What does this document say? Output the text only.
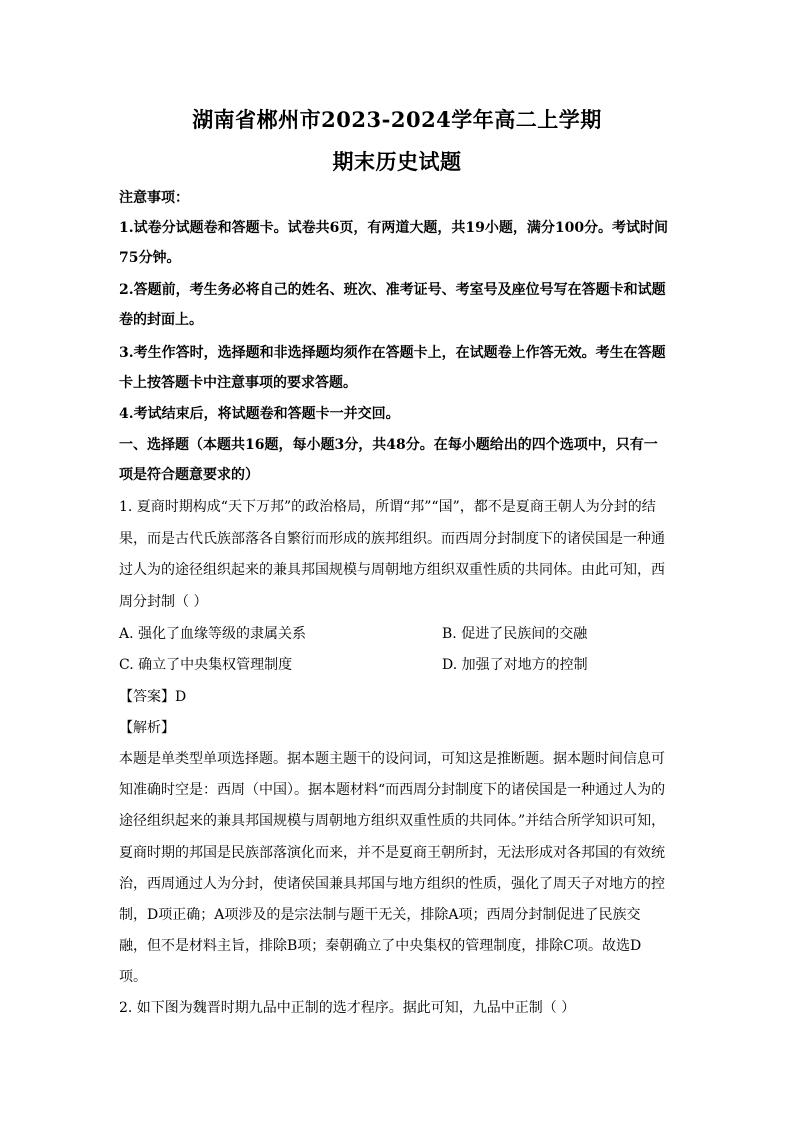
湖南省郴州市2023-2024学年高二上学期
期末历史试题
注意事项：
1.试卷分试题卷和答题卡。试卷共6页，有两道大题，共19小题，满分100分。考试时间
75分钟。
2.答题前，考生务必将自己的姓名、班次、准考证号、考室号及座位号写在答题卡和试题
卷的封面上。
3.考生作答时，选择题和非选择题均须作在答题卡上，在试题卷上作答无效。考生在答题
卡上按答题卡中注意事项的要求答题。
4.考试结束后，将试题卷和答题卡一并交回。
一、选择题（本题共16题，每小题3分，共48分。在每小题给出的四个选项中，只有一
项是符合题意要求的）
1. 夏商时期构成“天下万邦”的政治格局，所谓“邦”“国”，都不是夏商王朝人为分封的结
果，而是古代氏族部落各自繁衍而形成的族邦组织。而西周分封制度下的诸侯国是一种通
过人为的途径组织起来的兼具邦国规模与周朝地方组织双重性质的共同体。由此可知，西
周分封制（ ）
A. 强化了血缘等级的隶属关系	B. 促进了民族间的交融
C. 确立了中央集权管理制度	D. 加强了对地方的控制
【答案】D
【解析】
本题是单类型单项选择题。据本题主题干的设问词，可知这是推断题。据本题时间信息可
知准确时空是：西周（中国）。据本题材料“而西周分封制度下的诸侯国是一种通过人为的
途径组织起来的兼具邦国规模与周朝地方组织双重性质的共同体。”并结合所学知识可知，
夏商时期的邦国是民族部落演化而来，并不是夏商王朝所封，无法形成对各邦国的有效统
治，西周通过人为分封，使诸侯国兼具邦国与地方组织的性质，强化了周天子对地方的控
制，D项正确；A项涉及的是宗法制与题干无关，排除A项；西周分封制促进了民族交
融，但不是材料主旨，排除B项；秦朝确立了中央集权的管理制度，排除C项。故选D
项。
2. 如下图为魏晋时期九品中正制的选才程序。据此可知，九品中正制（ ）
